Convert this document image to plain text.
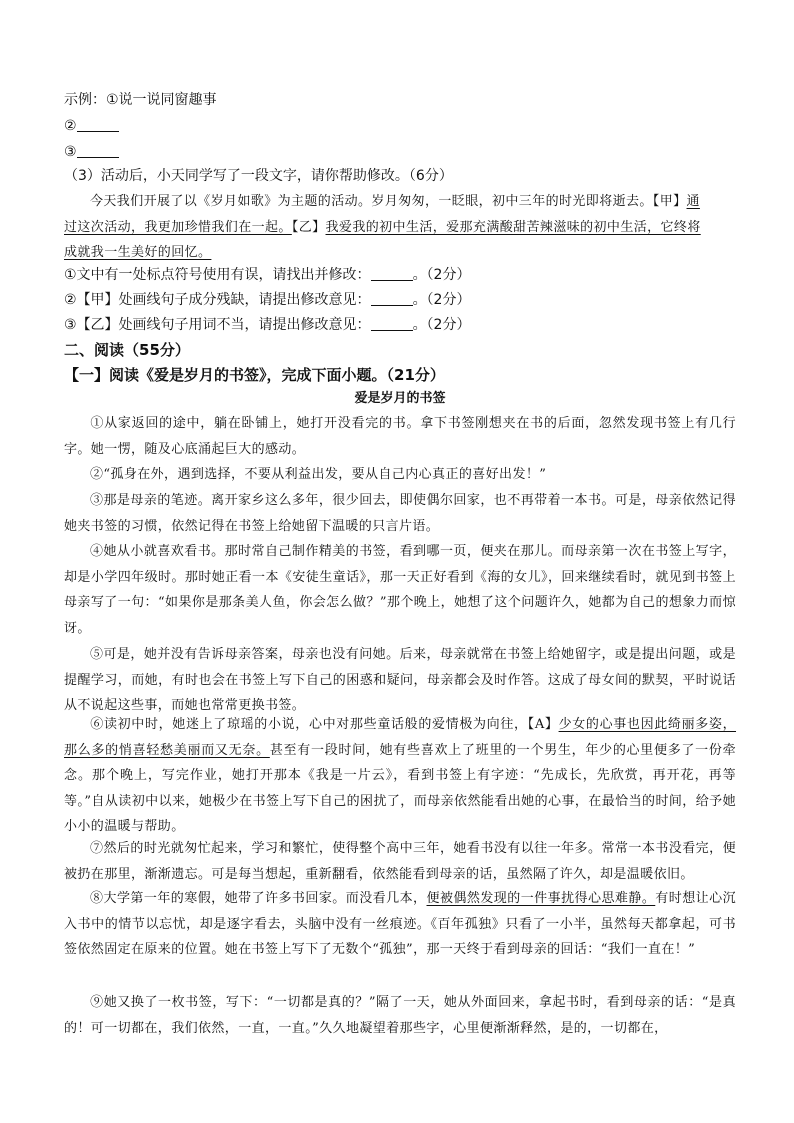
示例：①说一说同窗趣事
②
③
（3）活动后，小天同学写了一段文字，请你帮助修改。（6分）
今天我们开展了以《岁月如歌》为主题的活动。岁月匆匆，一眨眼，初中三年的时光即将逝去。【甲】通
过这次活动，我更加珍惜我们在一起。【乙】我爱我的初中生活，爱那充满酸甜苦辣滋味的初中生活，它终将
成就我一生美好的回忆。
①文中有一处标点符号使用有误，请找出并修改：	。（2分）
②【甲】处画线句子成分残缺，请提出修改意见：	。（2分）
③【乙】处画线句子用词不当，请提出修改意见：	。（2分）
二、阅读（55分）
【一】阅读《爱是岁月的书签》，完成下面小题。（21分）
爱是岁月的书签
①从家返回的途中，躺在卧铺上，她打开没看完的书。拿下书签刚想夹在书的后面，忽然发现书签上有几行字。她一愣，随及心底涌起巨大的感动。
②“孤身在外，遇到选择，不要从利益出发，要从自己内心真正的喜好出发！”
③那是母亲的笔迹。离开家乡这么多年，很少回去，即使偶尔回家，也不再带着一本书。可是，母亲依然记得她夹书签的习惯，依然记得在书签上给她留下温暖的只言片语。
④她从小就喜欢看书。那时常自己制作精美的书签，看到哪一页，便夹在那儿。而母亲第一次在书签上写字，却是小学四年级时。那时她正看一本《安徒生童话》，那一天正好看到《海的女儿》，回来继续看时，就见到书签上母亲写了一句：“如果你是那条美人鱼，你会怎么做？”那个晚上，她想了这个问题许久，她都为自己的想象力而惊讶。
⑤可是，她并没有告诉母亲答案，母亲也没有问她。后来，母亲就常在书签上给她留字，或是提出问题，或是提醒学习，而她，有时也会在书签上写下自己的困惑和疑问，母亲都会及时作答。这成了母女间的默契，平时说话从不说起这些事，而她也常常更换书签。
⑥读初中时，她迷上了琼瑶的小说，心中对那些童话般的爱情极为向往，【A】少女的心事也因此绮丽多姿，那么多的悄喜轻愁美丽而又无奈。甚至有一段时间，她有些喜欢上了班里的一个男生，年少的心里便多了一份牵念。那个晚上，写完作业，她打开那本《我是一片云》，看到书签上有字迹：“先成长，先欣赏，再开花，再等等。”自从读初中以来，她极少在书签上写下自己的困扰了，而母亲依然能看出她的心事，在最恰当的时间，给予她小小的温暖与帮助。
⑦然后的时光就匆忙起来，学习和繁忙，使得整个高中三年，她看书没有以往一年多。常常一本书没看完，便被扔在那里，渐渐遗忘。可是每当想起，重新翻看，依然能看到母亲的话，虽然隔了许久，却是温暖依旧。
⑧大学第一年的寒假，她带了许多书回家。而没看几本，便被偶然发现的一件事扰得心思难静。有时想让心沉入书中的情节以忘忧，却是逐字看去，头脑中没有一丝痕迹。《百年孤独》只看了一小半，虽然每天都拿起，可书签依然固定在原来的位置。她在书签上写下了无数个“孤独”，那一天终于看到母亲的回话：“我们一直在！”
⑨她又换了一枚书签，写下：“一切都是真的？”隔了一天，她从外面回来，拿起书时，看到母亲的话：“是真的！可一切都在，我们依然，一直，一直。”久久地凝望着那些字，心里便渐渐释然，是的，一切都在，
